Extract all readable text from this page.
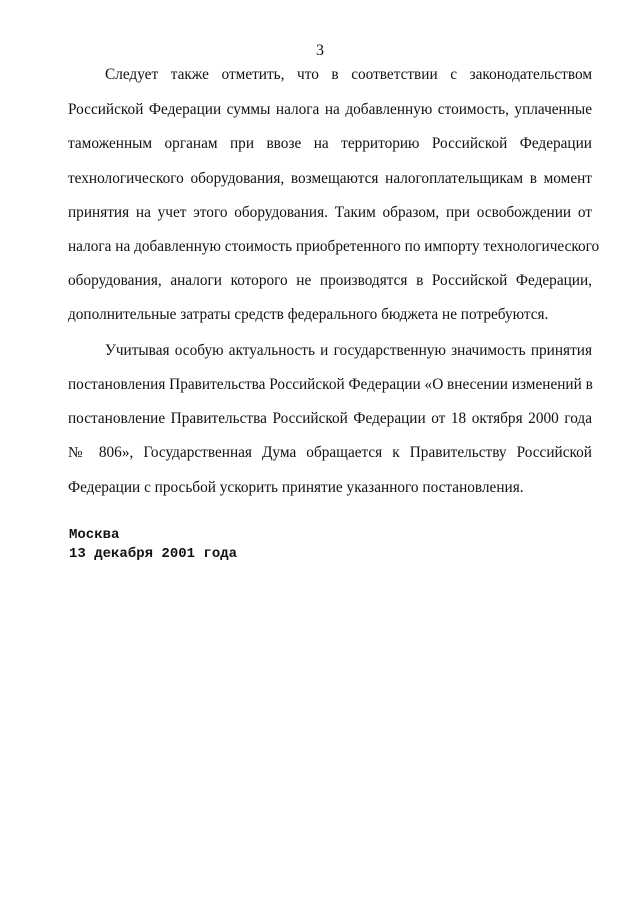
3
Следует также отметить, что в соответствии с законодательством
Российской Федерации суммы налога на добавленную стоимость, уплаченные
таможенным органам при ввозе на территорию Российской Федерации
технологического оборудования, возмещаются налогоплательщикам в момент
принятия на учет этого оборудования. Таким образом, при освобождении от
налога на добавленную стоимость приобретенного по импорту технологического
оборудования, аналоги которого не производятся в Российской Федерации,
дополнительные затраты средств федерального бюджета не потребуются.
Учитывая особую актуальность и государственную значимость принятия
постановления Правительства Российской Федерации «О внесении изменений в
постановление Правительства Российской Федерации от 18 октября 2000 года
№ 806», Государственная Дума обращается к Правительству Российской
Федерации с просьбой ускорить принятие указанного постановления.
Москва
13 декабря 2001 года
